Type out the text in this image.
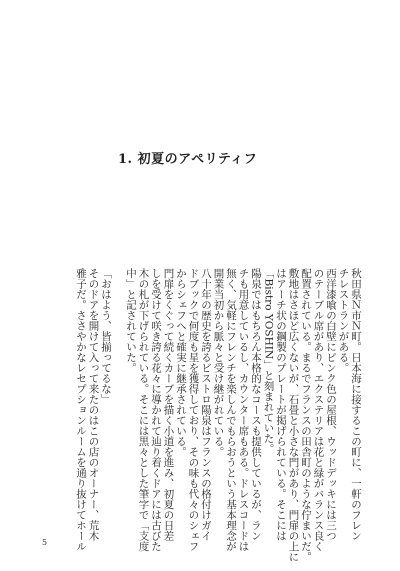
1. 初夏のアペリティフ
秋田県Ｎ市Ｎ町。日本海に接するこの町に、一軒のフレン
チレストランがある。
西洋漆喰の白壁にピンク色の屋根、ウッドデッキには三つ
のテーブル席があり、エクステリアは花と緑がバランス良く
配置されている。まるでフランスの田舎町のような佇まいだ。
敷地はさほど広くないが、石畳と小さな門があり、門扉の上に
はアーチ状の鋼製のプレートが掲げられている。そこには
「Bistro YOSHIN」と刻まれていた。
陽泉ではもちろん本格的なコースも提供しているが、ラン
チも用意しているし、カウンター席もある。ドレスコードは
無く、気軽にフレンチを楽しんでもらおうという基本理念が
開業当初から脈々と受け継がれている。
八十年の歴史を誇るビストロ陽泉はフランスの格付けガイ
ドブックで何度も星を獲得しており、その味も代々のシェフ
からシェフへと確実に継承されている。
門扉をくぐって続くカーブを描く小道を進み、初夏の日差
しを受けて咲き誇る花々に導かれて辿り着くドアには古びた
木の札が下げられている。そこには黒々とした筆字で「支度
中」と記されていた。
「おはよう、皆揃ってるな」
そのドアを開けて入って来たのはこの店のオーナー、荒木
雅子だ。ささやかなレセプションルームを通り抜けてホール
5
